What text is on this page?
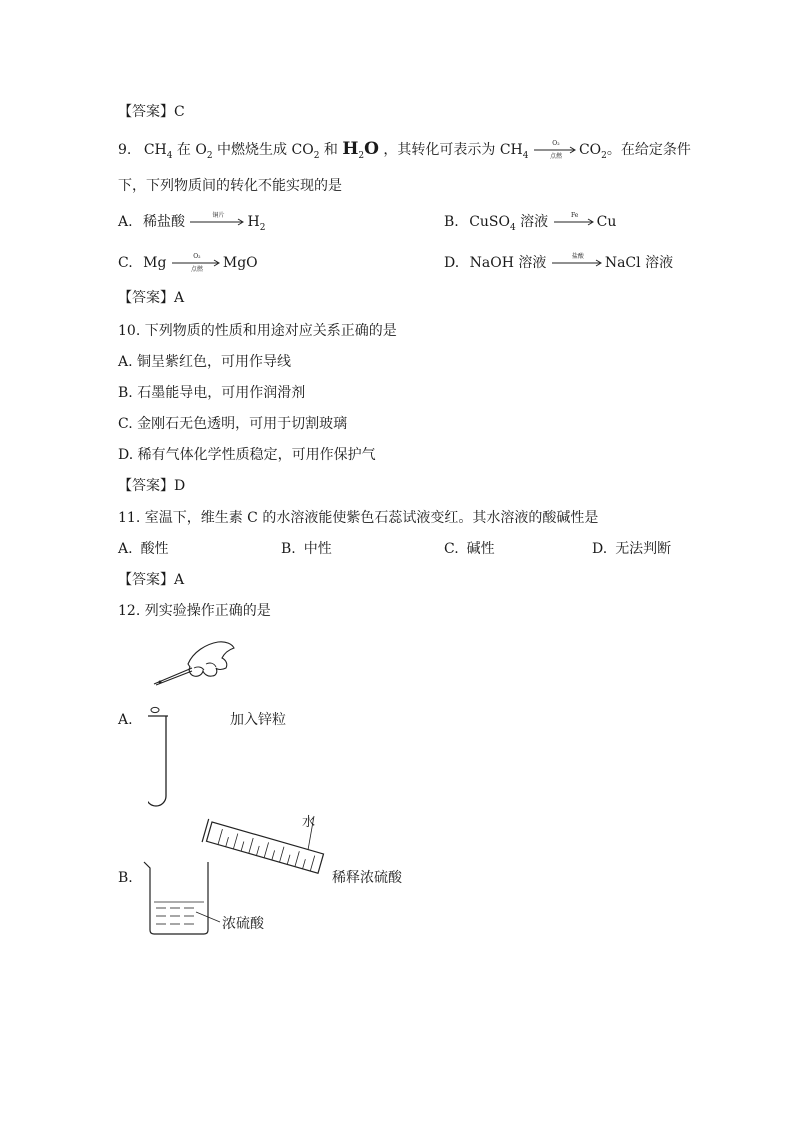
【答案】C
9. $CH_4$ 在 $O_2$ 中燃烧生成 $CO_2$ 和 $H_2O$ ，其转化可表示为 $CH_4$
O₂
点燃	$CO_2$。在给定条件
下，下列物质间的转化不能实现的是
A. 稀盐酸	铜片	$H_2$	B. CuSO$_4$ 溶液	Fe	Cu
C. Mg	O₂
点燃	MgO	D. NaOH 溶液	盐酸	NaCl 溶液
【答案】A
10. 下列物质的性质和用途对应关系正确的是
A. 铜呈紫红色，可用作导线
B. 石墨能导电，可用作润滑剂
C. 金刚石无色透明，可用于切割玻璃
D. 稀有气体化学性质稳定，可用作保护气
【答案】D
11. 室温下，维生素 C 的水溶液能使紫色石蕊试液变红。其水溶液的酸碱性是
A. 酸性	B. 中性	C. 碱性	D. 无法判断
【答案】A
12. 列实验操作正确的是
A.	加入锌粒
水
B.	稀释浓硫酸
浓硫酸
